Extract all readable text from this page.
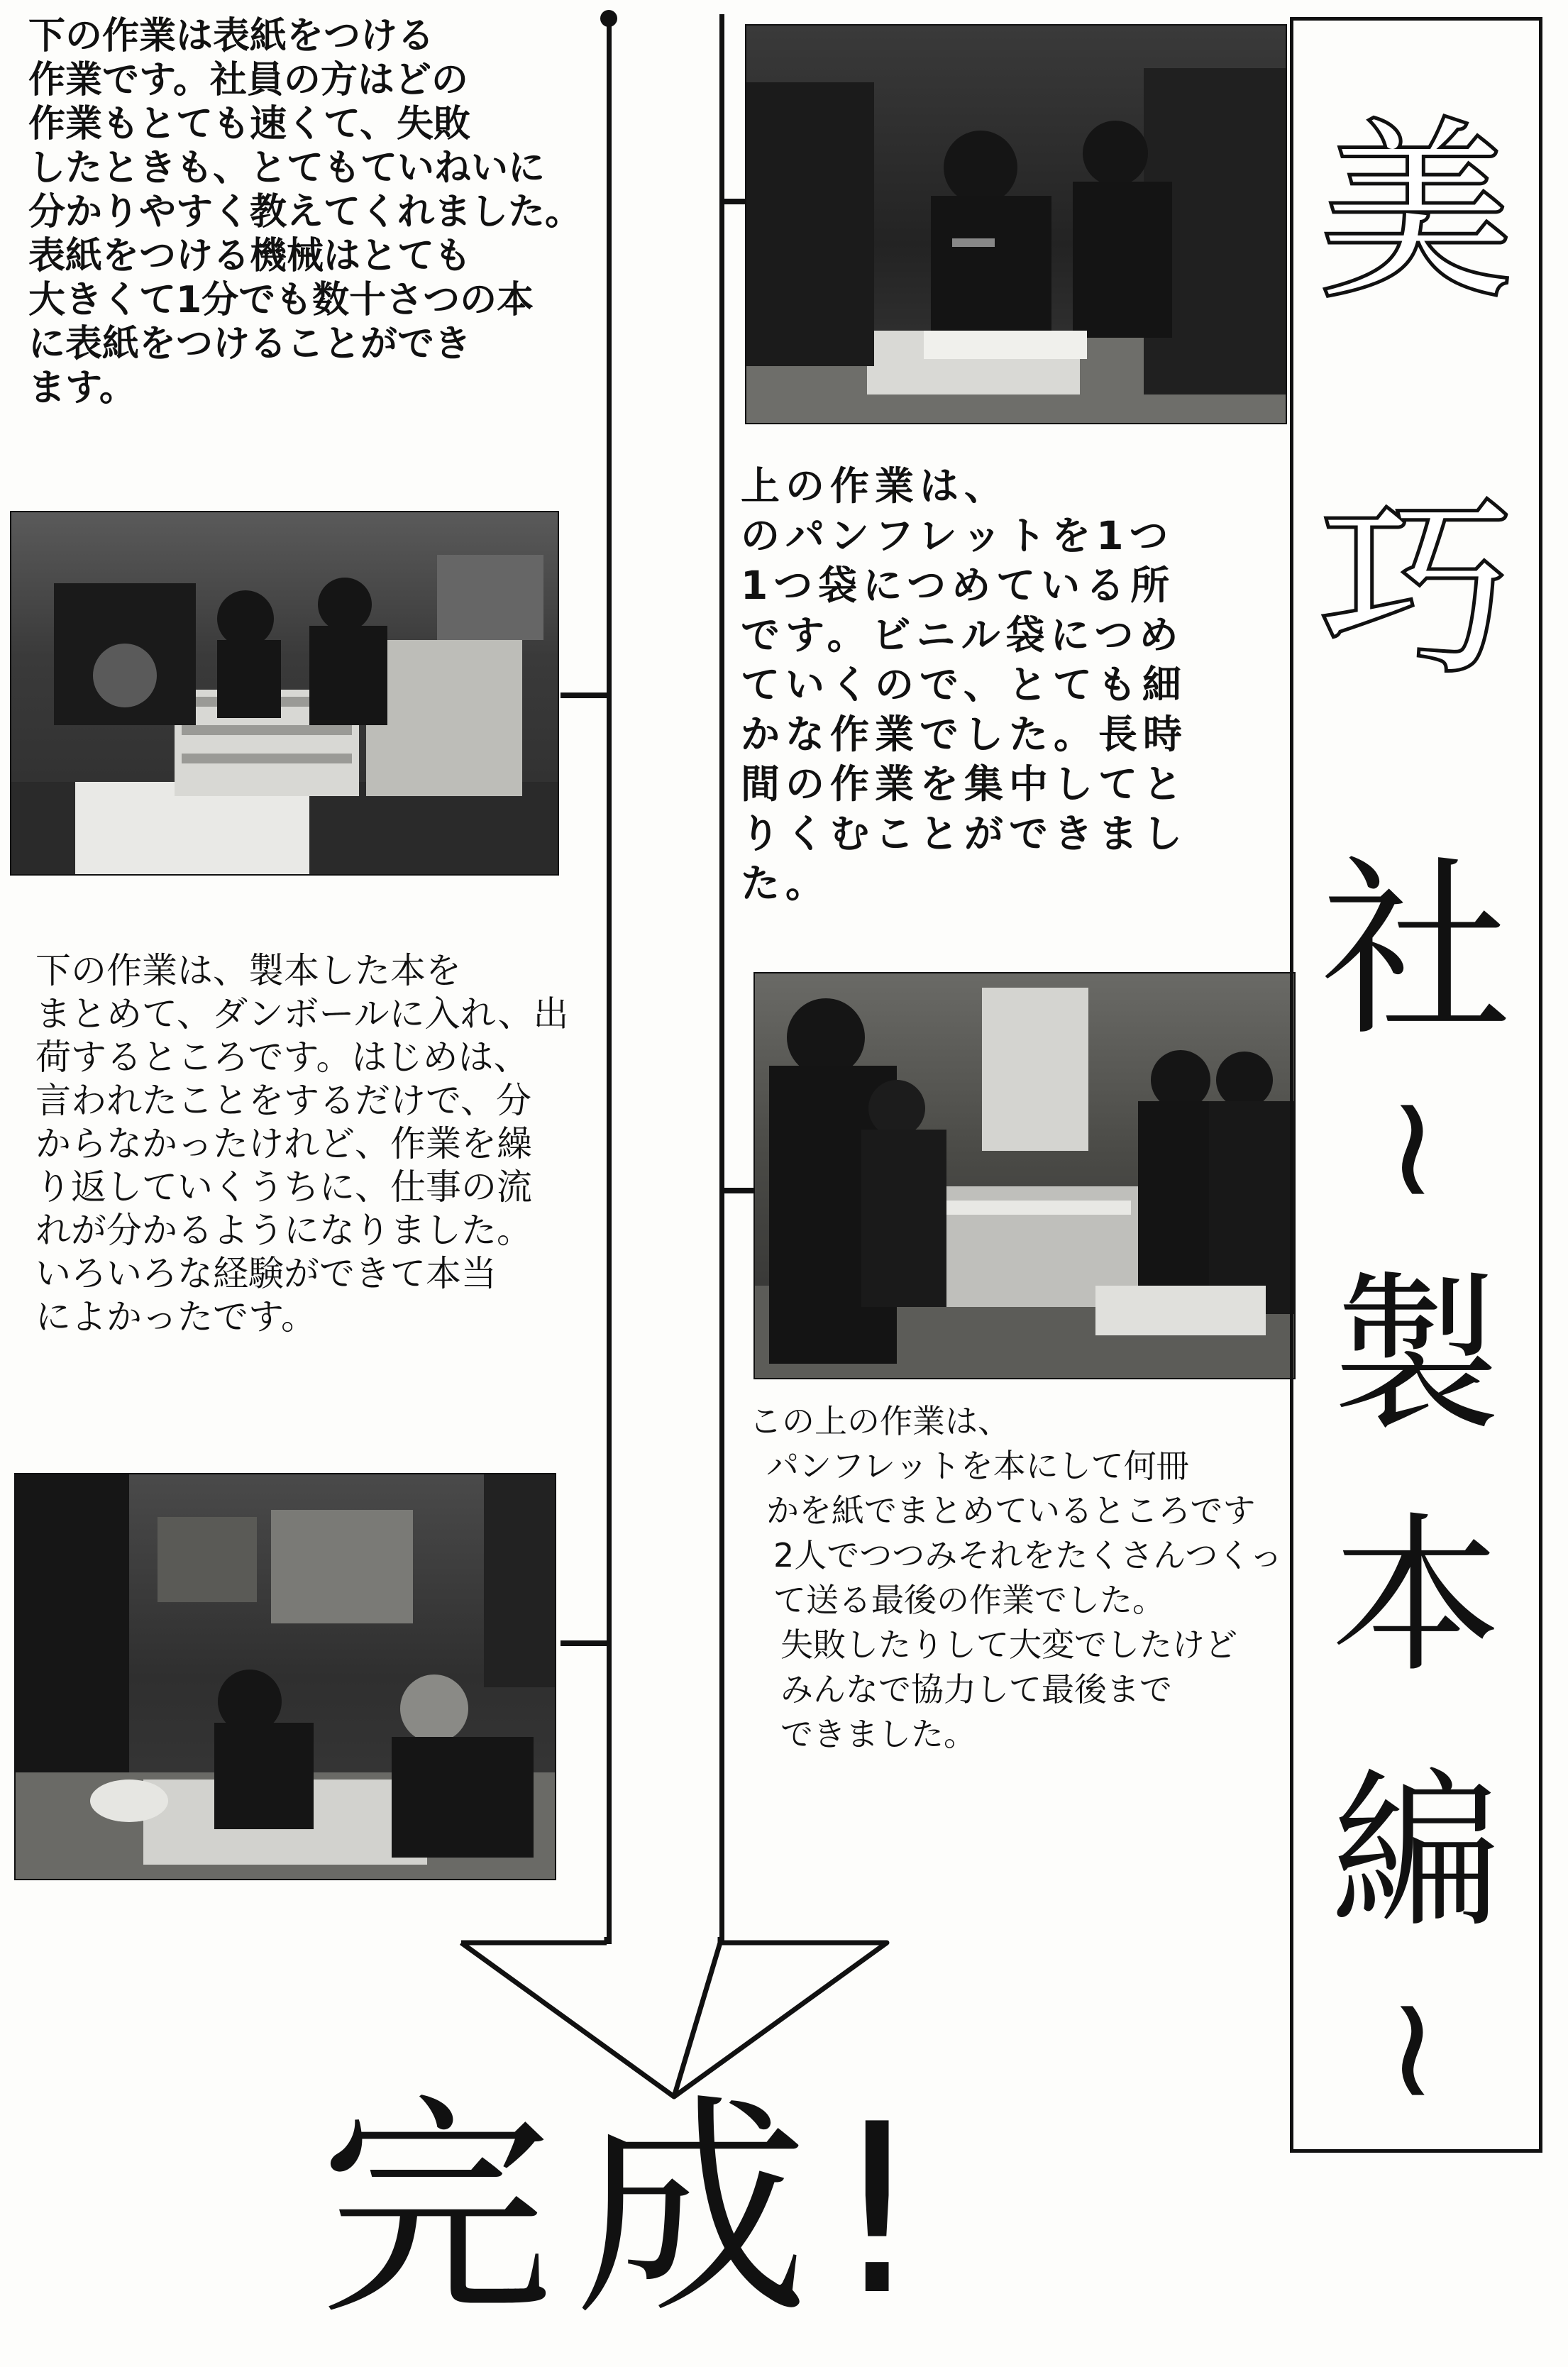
下の作業は表紙をつける
作業です。社員の方はどの
作業もとても速くて、失敗
したときも、とてもていねいに
分かりやすく教えてくれました。
表紙をつける機械はとても
大きくて1分でも数十さつの本
に表紙をつけることができ
ます。
下の作業は、製本した本を
まとめて、ダンボールに入れ、出
荷するところです。はじめは、
言われたことをするだけで、分
からなかったけれど、作業を繰
り返していくうちに、仕事の流
れが分かるようになりました。
いろいろな経験ができて本当
によかったです。
上の作業は、
のパンフレットを1つ
1つ袋につめている所
です。ビニル袋につめ
ていくので、とても細
かな作業でした。長時
間の作業を集中してと
りくむことができまし
た。
この上の作業は、
パンフレットを本にして何冊
かを紙でまとめているところです
2人でつつみそれをたくさんつくっ
て送る最後の作業でした。
失敗したりして大変でしたけど
みんなで協力して最後まで
できました。
美
巧
社
~
製
本
編
~
完成!
